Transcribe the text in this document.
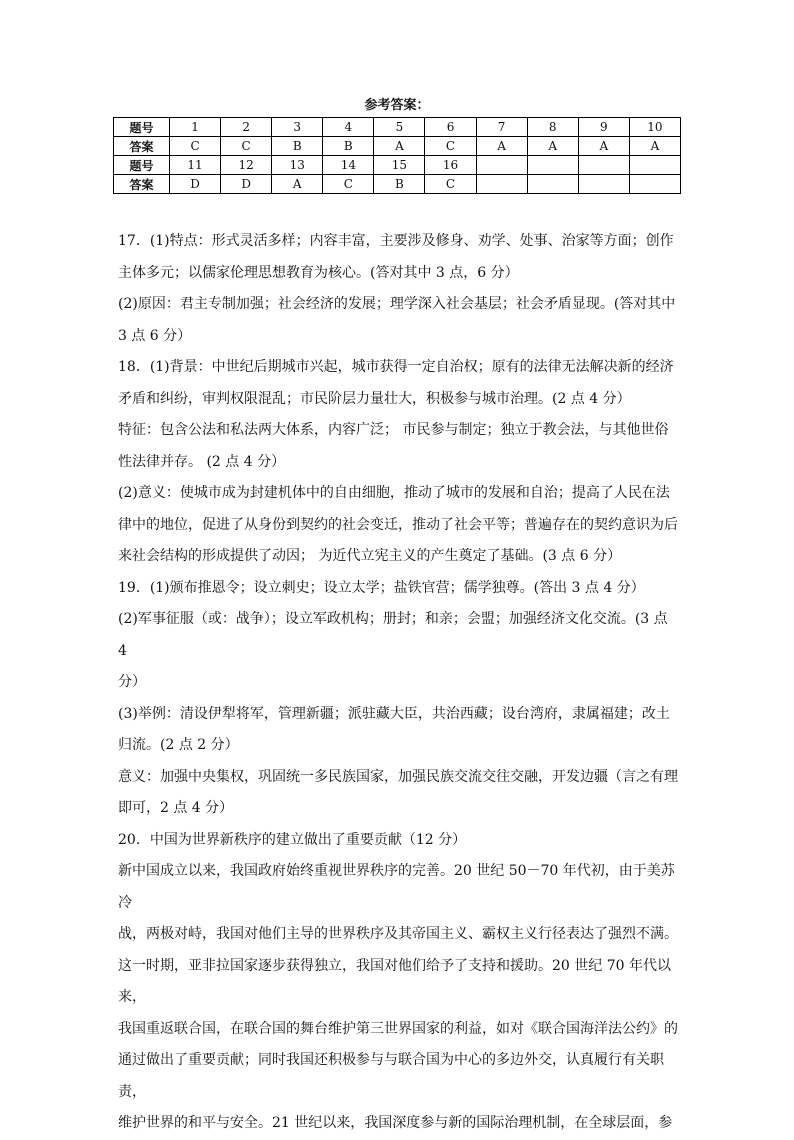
参考答案：
题号	1	2	3	4	5	6	7	8	9	10
答案	C	C	B	B	A	C	A	A	A	A
题号	11	12	13	14	15	16				
答案	D	D	A	C	B	C				

17．(1)特点：形式灵活多样；内容丰富，主要涉及修身、劝学、处事、治家等方面；创作

主体多元；以儒家伦理思想教育为核心。(答对其中 3 点，6 分）

(2)原因：君主专制加强；社会经济的发展；理学深入社会基层；社会矛盾显现。(答对其中

3 点 6 分）

18．(1)背景：中世纪后期城市兴起，城市获得一定自治权；原有的法律无法解决新的经济

矛盾和纠纷，审判权限混乱；市民阶层力量壮大，积极参与城市治理。(2 点 4 分）

特征：包含公法和私法两大体系，内容广泛； 市民参与制定；独立于教会法，与其他世俗

性法律并存。 (2 点 4 分）

(2)意义：使城市成为封建机体中的自由细胞，推动了城市的发展和自治；提高了人民在法

律中的地位，促进了从身份到契约的社会变迁，推动了社会平等；普遍存在的契约意识为后

来社会结构的形成提供了动因； 为近代立宪主义的产生奠定了基础。(3 点 6 分）

19．(1)颁布推恩令；设立刺史；设立太学；盐铁官营；儒学独尊。(答出 3 点 4 分）

(2)军事征服（或：战争）；设立军政机构；册封；和亲；会盟；加强经济文化交流。(3 点 4

分）

(3)举例：清设伊犁将军，管理新疆；派驻藏大臣，共治西藏；设台湾府，隶属福建；改土

归流。(2 点 2 分）

意义：加强中央集权，巩固统一多民族国家，加强民族交流交往交融，开发边疆（言之有理

即可，2 点 4 分）

20．中国为世界新秩序的建立做出了重要贡献（12 分）

新中国成立以来，我国政府始终重视世界秩序的完善。20 世纪 50－70 年代初，由于美苏冷

战，两极对峙，我国对他们主导的世界秩序及其帝国主义、霸权主义行径表达了强烈不满。

这一时期，亚非拉国家逐步获得独立，我国对他们给予了支持和援助。20 世纪 70 年代以来，

我国重返联合国，在联合国的舞台维护第三世界国家的利益，如对《联合国海洋法公约》的

通过做出了重要贡献；同时我国还积极参与与联合国为中心的多边外交，认真履行有关职责，

维护世界的和平与安全。21 世纪以来，我国深度参与新的国际治理机制，在全球层面，参
